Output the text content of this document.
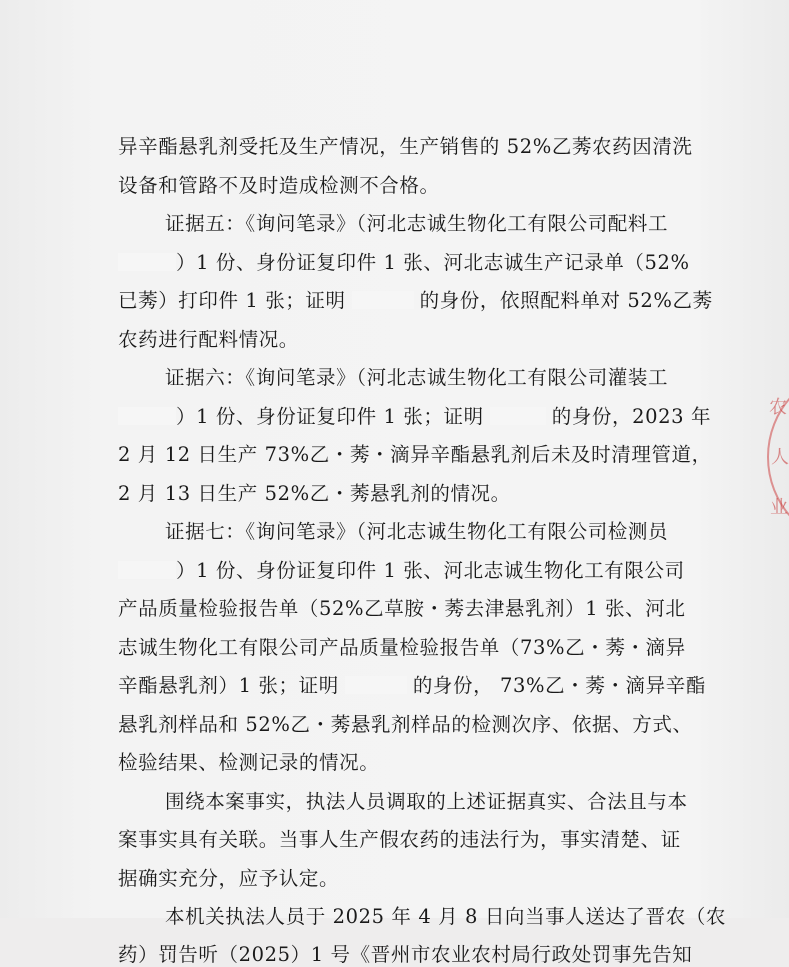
异辛酯悬乳剂受托及生产情况，生产销售的 52%乙莠农药因清洗
设备和管路不及时造成检测不合格。
证据五：《询问笔录》（河北志诚生物化工有限公司配料工
）1 份、身份证复印件 1 张、河北志诚生产记录单（52%
已莠）打印件 1 张；证明	的身份，依照配料单对 52%乙莠
农药进行配料情况。
证据六：《询问笔录》（河北志诚生物化工有限公司灌装工
）1 份、身份证复印件 1 张；证明	的身份，2023 年
2 月 12 日生产 73%乙・莠・滴异辛酯悬乳剂后未及时清理管道，
2 月 13 日生产 52%乙・莠悬乳剂的情况。
证据七：《询问笔录》（河北志诚生物化工有限公司检测员
）1 份、身份证复印件 1 张、河北志诚生物化工有限公司
产品质量检验报告单（52%乙草胺・莠去津悬乳剂）1 张、河北
志诚生物化工有限公司产品质量检验报告单（73%乙・莠・滴异
辛酯悬乳剂）1 张；证明	的身份， 73%乙・莠・滴异辛酯
悬乳剂样品和 52%乙・莠悬乳剂样品的检测次序、依据、方式、
检验结果、检测记录的情况。
围绕本案事实，执法人员调取的上述证据真实、合法且与本
案事实具有关联。当事人生产假农药的违法行为，事实清楚、证
据确实充分，应予认定。
本机关执法人员于 2025 年 4 月 8 日向当事人送达了晋农（农
药）罚告听（2025）1 号《晋州市农业农村局行政处罚事先告知
农
人
业
